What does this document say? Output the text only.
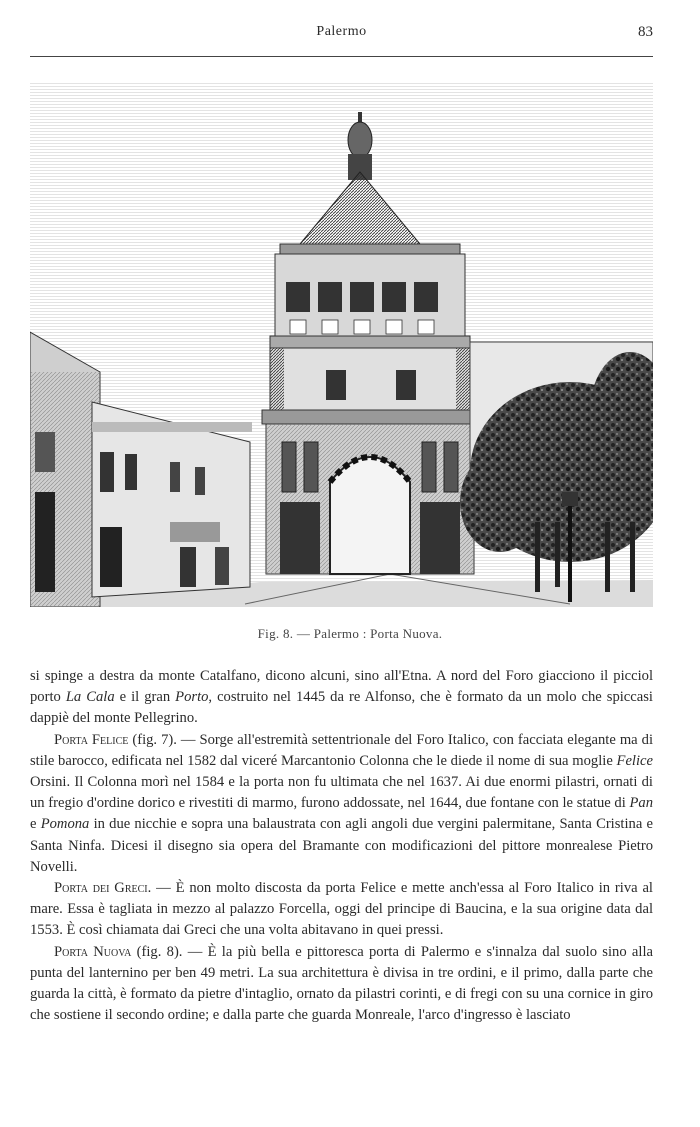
Palermo	83
Fig. 8. — Palermo : Porta Nuova.

si spinge a destra da monte Catalfano, dicono alcuni, sino all'Etna. A nord del Foro giacciono il picciol porto La Cala e il gran Porto, costruito nel 1445 da re Alfonso, che è formato da un molo che spiccasi dappiè del monte Pellegrino.

Porta Felice (fig. 7). — Sorge all'estremità settentrionale del Foro Italico, con facciata elegante ma di stile barocco, edificata nel 1582 dal viceré Marcantonio Colonna che le diede il nome di sua moglie Felice Orsini. Il Colonna morì nel 1584 e la porta non fu ultimata che nel 1637. Ai due enormi pilastri, ornati di un fregio d'ordine dorico e rivestiti di marmo, furono addossate, nel 1644, due fontane con le statue di Pan e Pomona in due nicchie e sopra una balaustrata con agli angoli due vergini palermitane, Santa Cristina e Santa Ninfa. Dicesi il disegno sia opera del Bramante con modificazioni del pittore monrealese Pietro Novelli.

Porta dei Greci. — È non molto discosta da porta Felice e mette anch'essa al Foro Italico in riva al mare. Essa è tagliata in mezzo al palazzo Forcella, oggi del principe di Baucina, e la sua origine data dal 1553. È così chiamata dai Greci che una volta abitavano in quei pressi.

Porta Nuova (fig. 8). — È la più bella e pittoresca porta di Palermo e s'innalza dal suolo sino alla punta del lanternino per ben 49 metri. La sua architettura è divisa in tre ordini, e il primo, dalla parte che guarda la città, è formato da pietre d'intaglio, ornato da pilastri corinti, e di fregi con su una cornice in giro che sostiene il secondo ordine; e dalla parte che guarda Monreale, l'arco d'ingresso è lasciato
